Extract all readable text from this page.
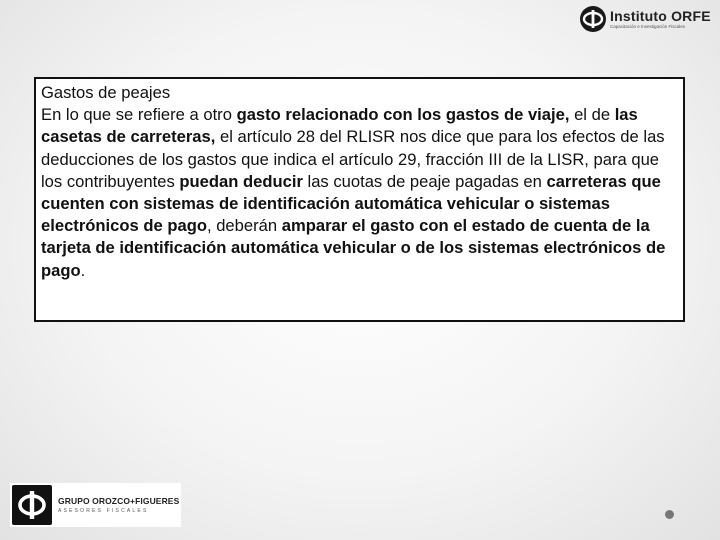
Instituto ORFE
Capacitación e Investigación Fiscales

Gastos de peajes

En lo que se refiere a otro gasto relacionado con los gastos de viaje, el de las casetas de carreteras, el artículo 28 del RLISR nos dice que para los efectos de las deducciones de los gastos que indica el artículo 29, fracción III de la LISR, para que los contribuyentes puedan deducir las cuotas de peaje pagadas en carreteras que cuenten con sistemas de identificación automática vehicular o sistemas electrónicos de pago, deberán amparar el gasto con el estado de cuenta de la tarjeta de identificación automática vehicular o de los sistemas electrónicos de pago.

GRUPO OROZCO+FIGUERES
ASESORES FISCALES
